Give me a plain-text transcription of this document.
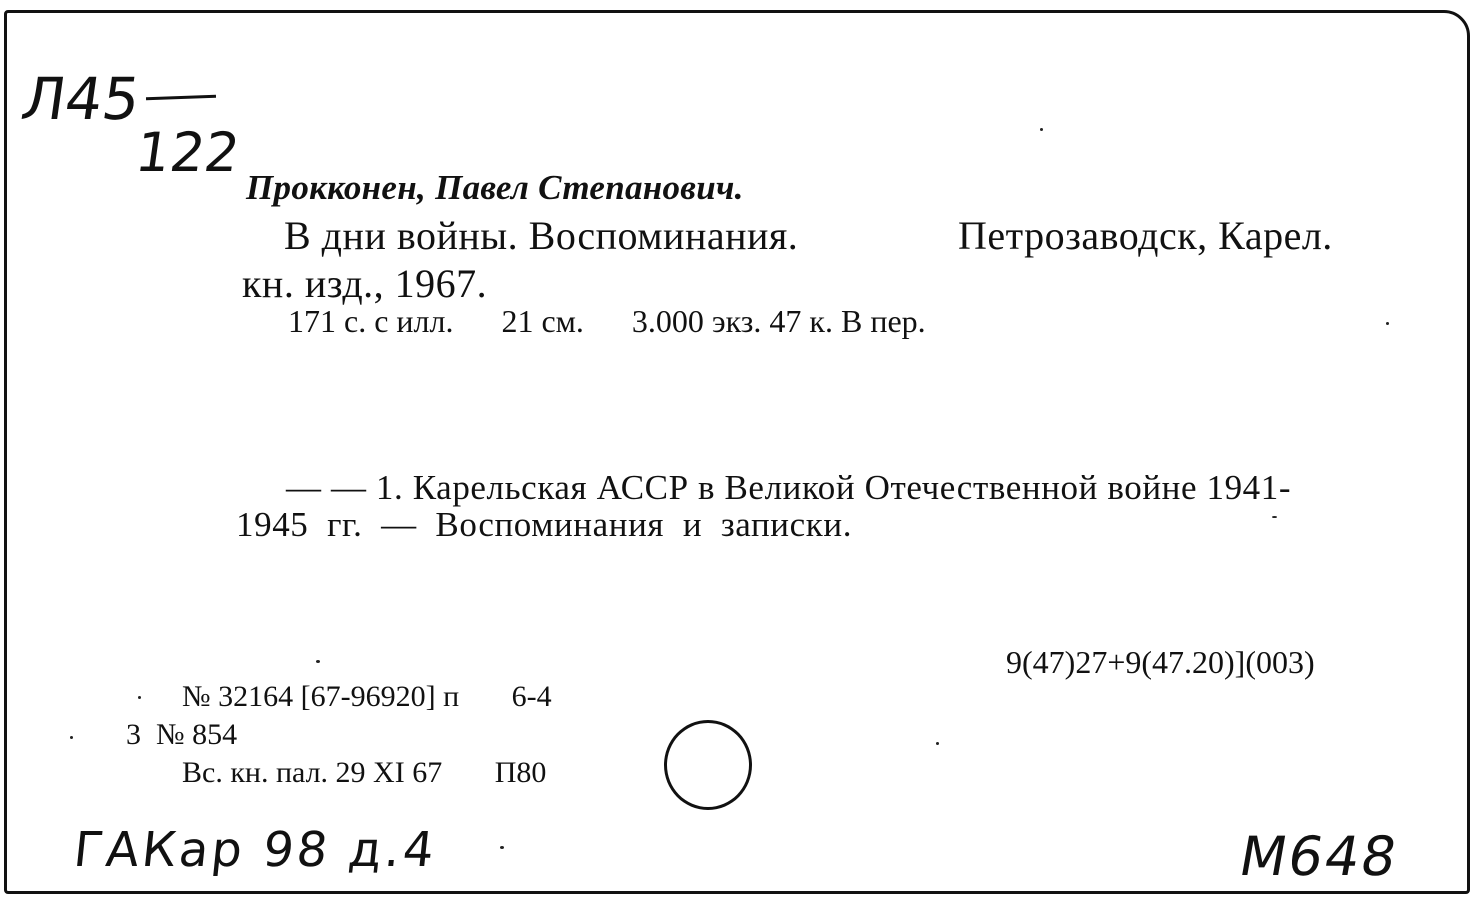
Л45
122
Прокконен, Павел Степанович.
В дни войны. Воспоминания.	Петрозаводск, Карел.
кн. изд., 1967.
171 с. с илл.      21 см.      3.000 экз. 47 к. В пер.
— — 1. Карельская АССР в Великой Отечественной войне 1941-
1945  гг.  —  Воспоминания  и  записки.
9(47)27+9(47.20)](003)
№ 32164 [67-96920] п       6-4
3  № 854
Вс. кн. пал. 29 XI 67       П80
ГАКар 98 д.4	М648
